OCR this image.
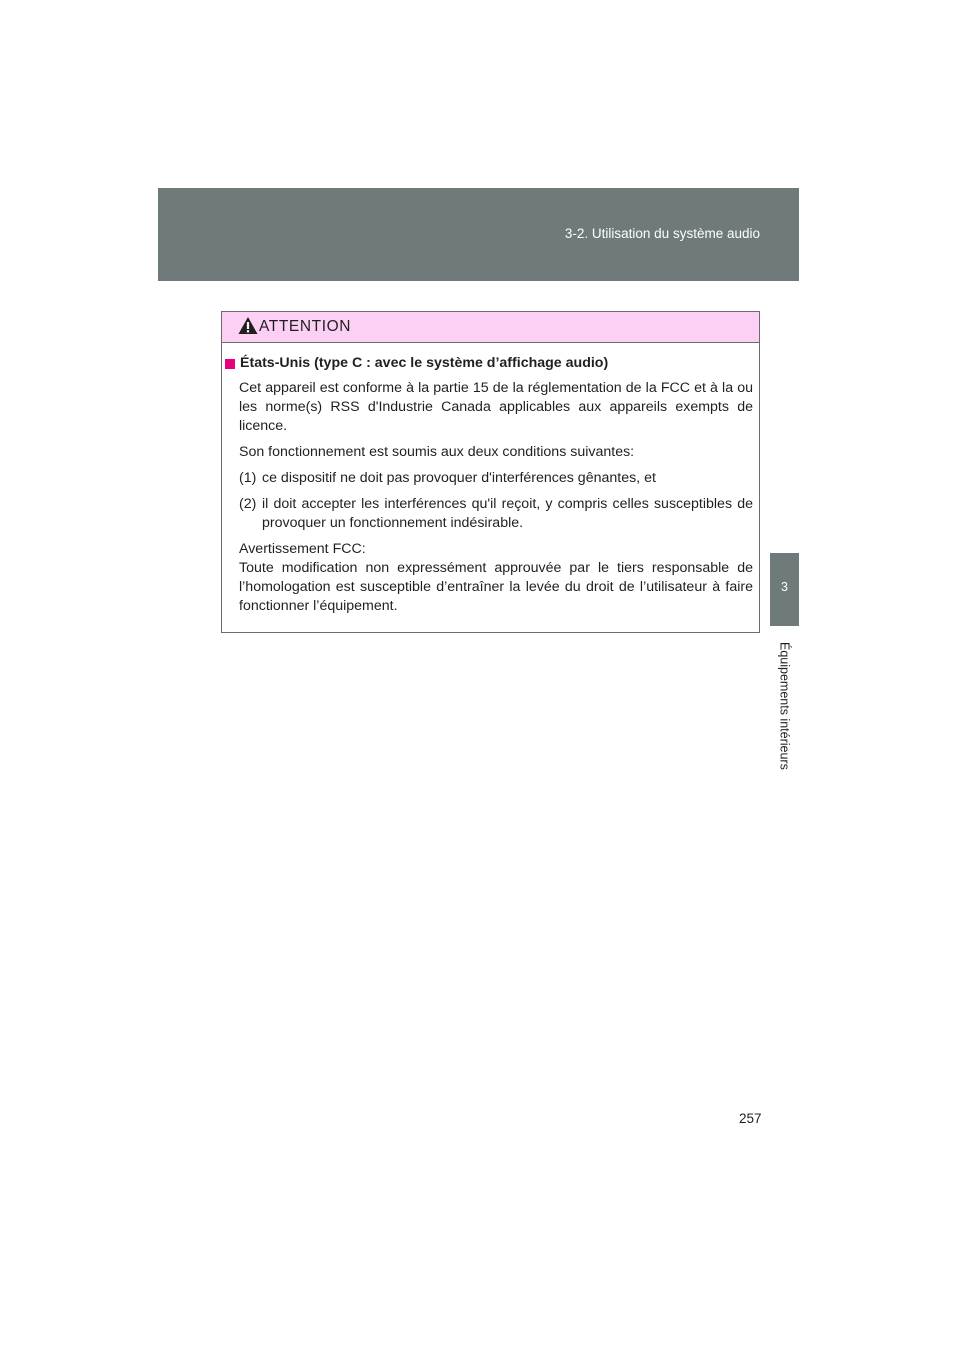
3-2. Utilisation du système audio
3
Équipements intérieurs
ATTENTION
États-Unis (type C : avec le système d’affichage audio)
Cet appareil est conforme à la partie 15 de la réglementation de la FCC et à la ou les norme(s) RSS d'Industrie Canada applicables aux appareils exempts de licence.
Son fonctionnement est soumis aux deux conditions suivantes:
(1) ce dispositif ne doit pas provoquer d'interférences gênantes, et
(2) il doit accepter les interférences qu'il reçoit, y compris celles susceptibles de provoquer un fonctionnement indésirable.
Avertissement FCC:
Toute modification non expressément approuvée par le tiers responsable de l’homologation est susceptible d’entraîner la levée du droit de l’utilisateur à faire fonctionner l’équipement.
257
